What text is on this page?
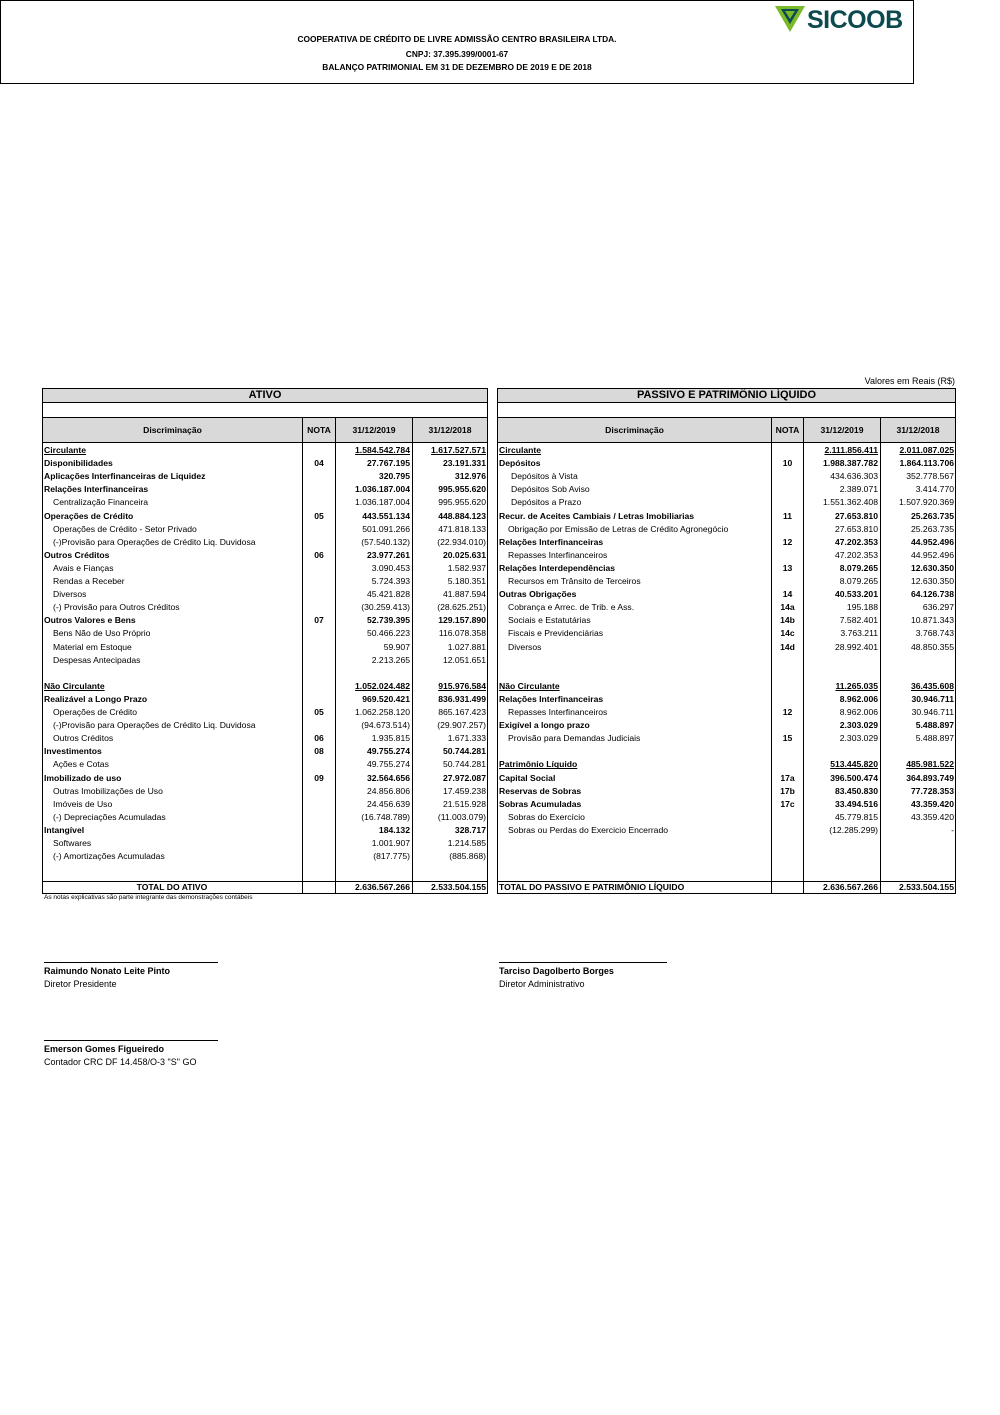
SICOOB
COOPERATIVA DE CRÉDITO DE LIVRE ADMISSÃO CENTRO BRASILEIRA LTDA.
CNPJ: 37.395.399/0001-67
BALANÇO PATRIMONIAL EM 31 DE DEZEMBRO DE 2019 E DE 2018
Valores em Reais (R$)
ATIVO	PASSIVO E PATRIMÔNIO LÍQUIDO
Discriminação	NOTA	31/12/2019	31/12/2018	Discriminação	NOTA	31/12/2019	31/12/2018
Circulante	1.584.542.784	1.617.527.571
Disponibilidades	04	27.767.195	23.191.331
Aplicações Interfinanceiras de Liquidez	320.795	312.976
Relações Interfinanceiras	1.036.187.004	995.955.620
Centralização Financeira	1.036.187.004	995.955.620
Operações de Crédito	05	443.551.134	448.884.123
Operações de Crédito - Setor Privado	501.091.266	471.818.133
(-)Provisão para Operações de Crédito Liq. Duvidosa	(57.540.132)	(22.934.010)
Outros Créditos	06	23.977.261	20.025.631
Avais e Fianças	3.090.453	1.582.937
Rendas a Receber	5.724.393	5.180.351
Diversos	45.421.828	41.887.594
(-) Provisão para Outros Créditos	(30.259.413)	(28.625.251)
Outros Valores e Bens	07	52.739.395	129.157.890
Bens Não de Uso Próprio	50.466.223	116.078.358
Material em Estoque	59.907	1.027.881
Despesas Antecipadas	2.213.265	12.051.651
Não Circulante	1.052.024.482	915.976.584
Realizável a Longo Prazo	969.520.421	836.931.499
Operações de Crédito	05	1.062.258.120	865.167.423
(-)Provisão para Operações de Crédito Liq. Duvidosa	(94.673.514)	(29.907.257)
Outros Créditos	06	1.935.815	1.671.333
Investimentos	08	49.755.274	50.744.281
Ações e Cotas	49.755.274	50.744.281
Imobilizado de uso	09	32.564.656	27.972.087
Outras Imobilizações de Uso	24.856.806	17.459.238
Imóveis de Uso	24.456.639	21.515.928
(-) Depreciações Acumuladas	(16.748.789)	(11.003.079)
Intangível	184.132	328.717
Softwares	1.001.907	1.214.585
(-) Amortizações Acumuladas	(817.775)	(885.868)
Circulante	2.111.856.411	2.011.087.025
Depósitos	10	1.988.387.782	1.864.113.706
Depósitos à Vista	434.636.303	352.778.567
Depósitos Sob Aviso	2.389.071	3.414.770
Depósitos a Prazo	1.551.362.408	1.507.920.369
Recur. de Aceites Cambiais / Letras Imobiliarias	11	27.653.810	25.263.735
Obrigação por Emissão de Letras de Crédito Agronegócio	27.653.810	25.263.735
Relações Interfinanceiras	12	47.202.353	44.952.496
Repasses Interfinanceiros	47.202.353	44.952.496
Relações Interdependências	13	8.079.265	12.630.350
Recursos em Trânsito de Terceiros	8.079.265	12.630.350
Outras Obrigações	14	40.533.201	64.126.738
Cobrança e Arrec. de Trib. e Ass.	14a	195.188	636.297
Sociais e Estatutárias	14b	7.582.401	10.871.343
Fiscais e Previdenciárias	14c	3.763.211	3.768.743
Diversos	14d	28.992.401	48.850.355
Não Circulante	11.265.035	36.435.608
Relações Interfinanceiras	8.962.006	30.946.711
Repasses Interfinanceiros	12	8.962.006	30.946.711
Exigível a longo prazo	2.303.029	5.488.897
Provisão para Demandas Judiciais	15	2.303.029	5.488.897
Patrimônio Líquido	513.445.820	485.981.522
Capital Social	17a	396.500.474	364.893.749
Reservas de Sobras	17b	83.450.830	77.728.353
Sobras Acumuladas	17c	33.494.516	43.359.420
Sobras do Exercício	45.779.815	43.359.420
Sobras ou Perdas do Exercicio Encerrado	(12.285.299)	-
TOTAL DO ATIVO	2.636.567.266	2.533.504.155 TOTAL DO PASSIVO E PATRIMÔNIO LÍQUIDO	2.636.567.266	2.533.504.155
As notas explicativas são parte integrante das demonstrações contábeis
Raimundo Nonato Leite Pinto
Diretor Presidente
Tarciso Dagolberto Borges
Diretor Administrativo
Emerson Gomes Figueiredo
Contador CRC DF 14.458/O-3 "S" GO
